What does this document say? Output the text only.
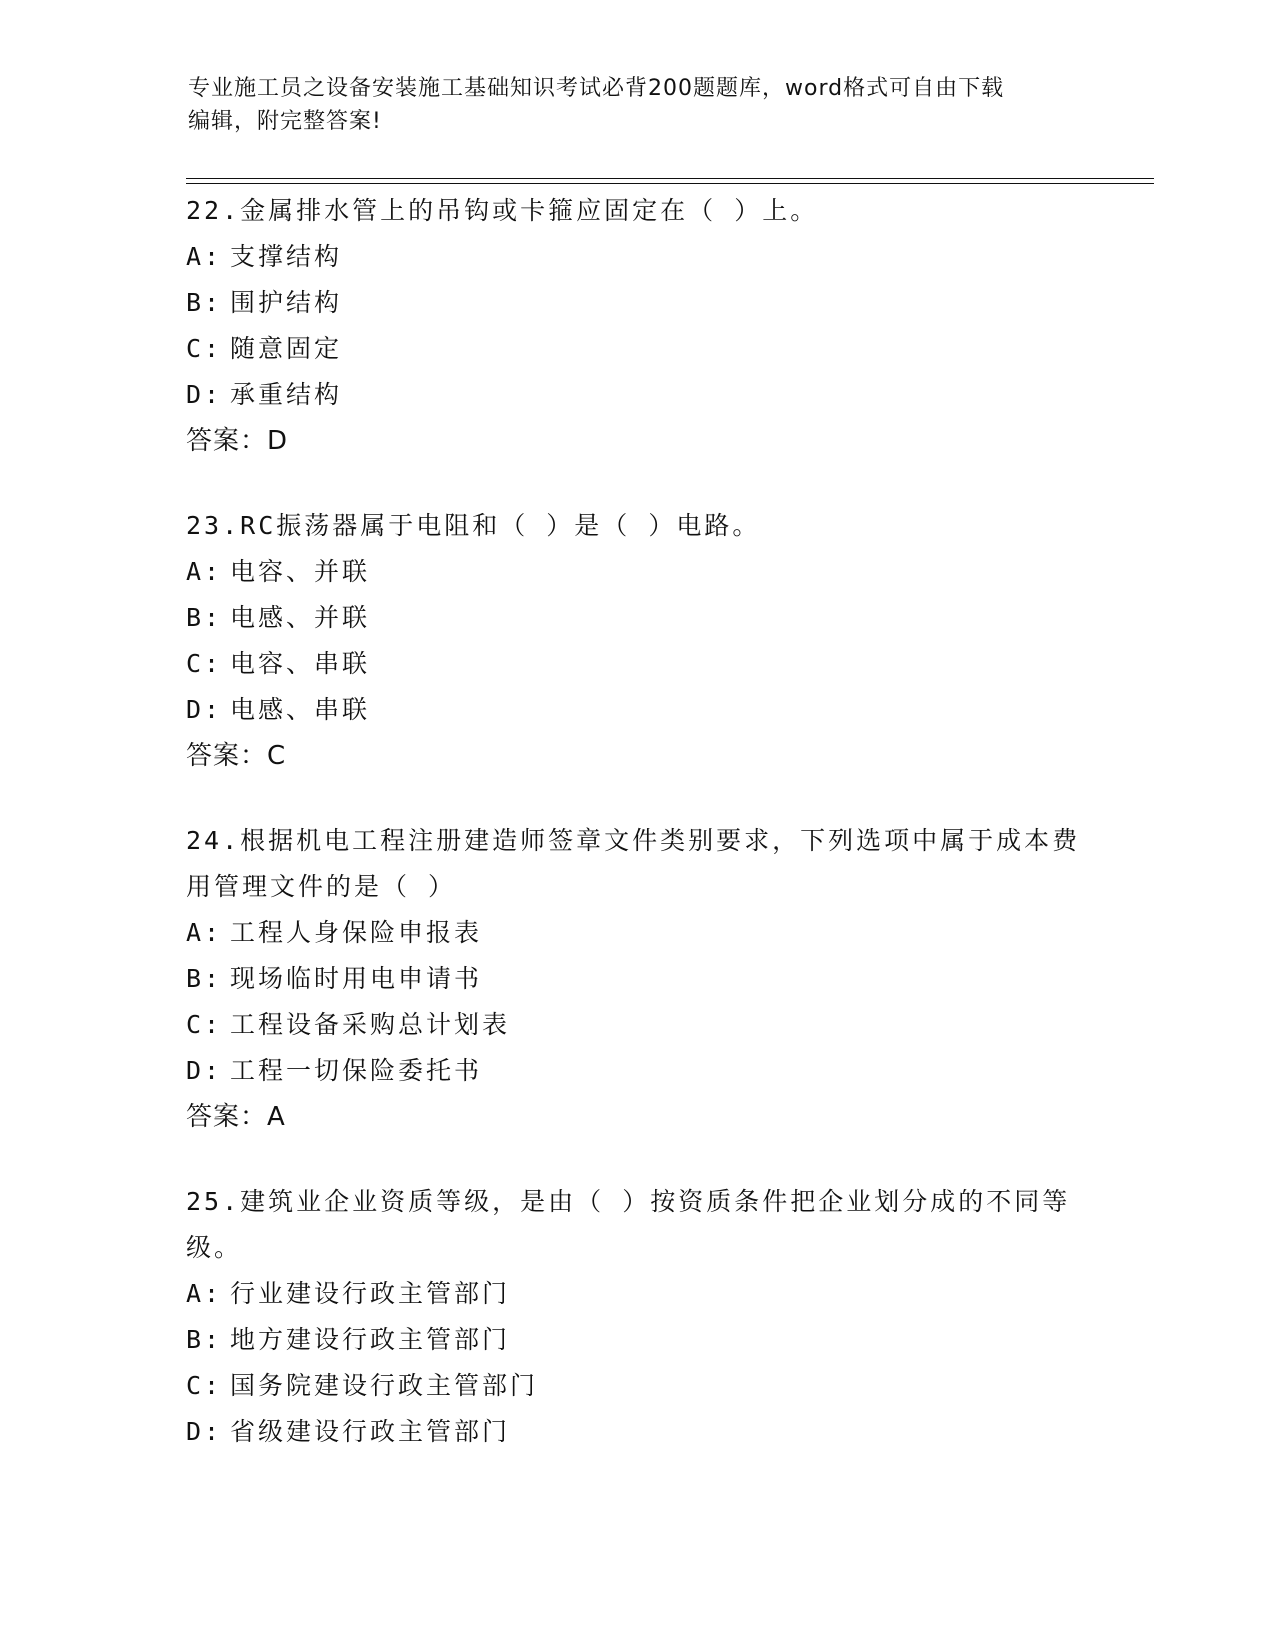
专业施工员之设备安装施工基础知识考试必背200题题库，word格式可自由下载
编辑，附完整答案!

22.金属排水管上的吊钩或卡箍应固定在（ ）上。

A: 支撑结构

B: 围护结构

C: 随意固定

D: 承重结构

答案：D

23.RC振荡器属于电阻和（ ）是（ ）电路。

A: 电容、并联

B: 电感、并联

C: 电容、串联

D: 电感、串联

答案：C

24.根据机电工程注册建造师签章文件类别要求，下列选项中属于成本费用管理文件的是（ ）

A: 工程人身保险申报表

B: 现场临时用电申请书

C: 工程设备采购总计划表

D: 工程一切保险委托书

答案：A

25.建筑业企业资质等级，是由（ ）按资质条件把企业划分成的不同等级。

A: 行业建设行政主管部门

B: 地方建设行政主管部门

C: 国务院建设行政主管部门

D: 省级建设行政主管部门
